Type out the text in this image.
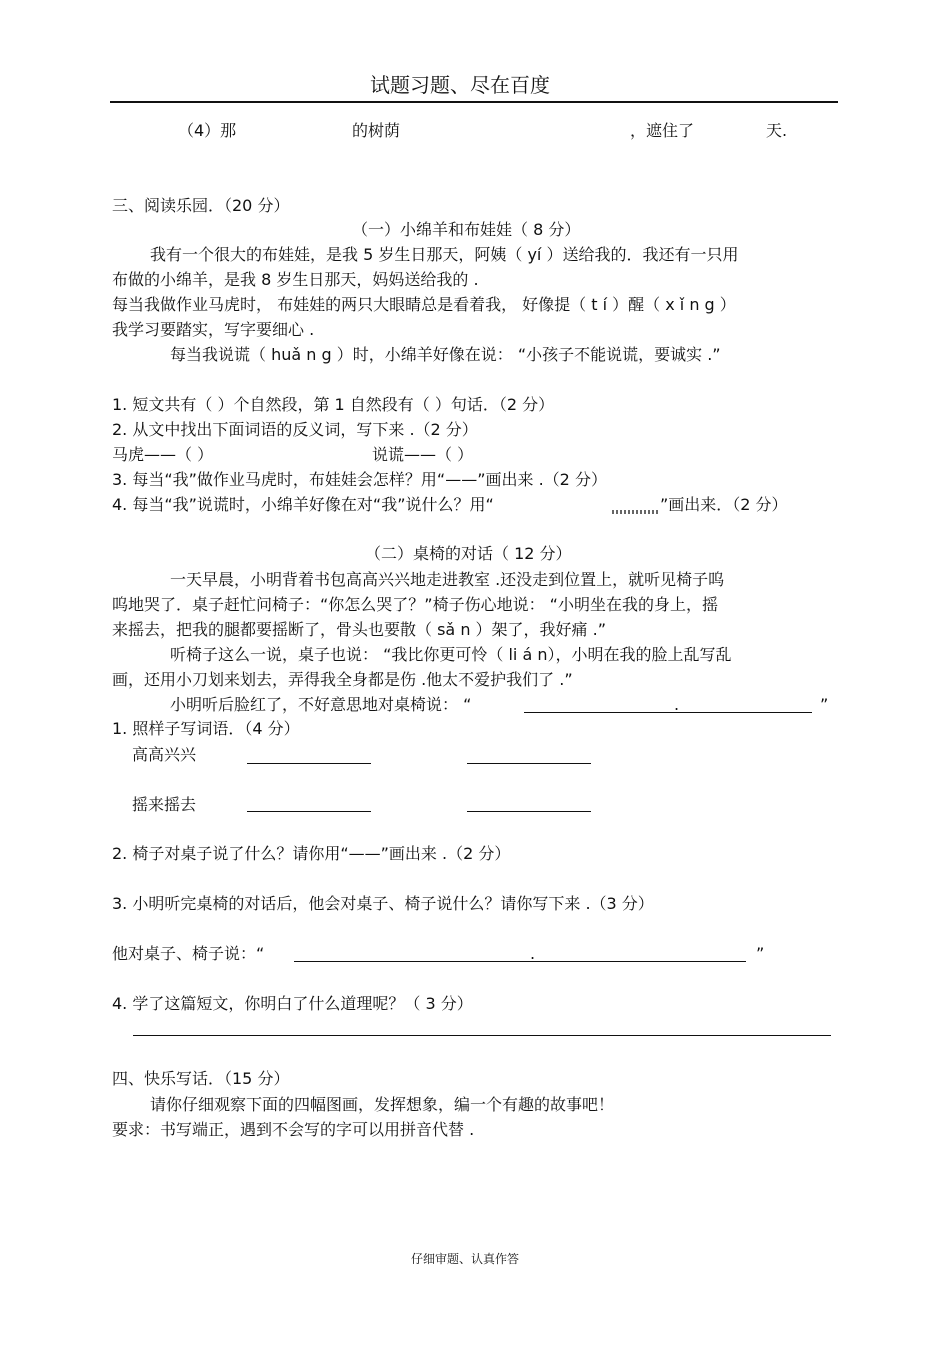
试题习题、尽在百度
（4）那	的树荫	，遮住了	天.
三、阅读乐园．（20 分）
（一）小绵羊和布娃娃（ 8 分）
我有一个很大的布娃娃，是我 5 岁生日那天，阿姨（ yí ）送给我的．我还有一只用
布做的小绵羊，是我 8 岁生日那天，妈妈送给我的 .
每当我做作业马虎时， 布娃娃的两只大眼睛总是看着我， 好像提（ t í ）醒（ x ǐ n g ）
我学习要踏实，写字要细心 .
每当我说谎（ huǎ n g ）时，小绵羊好像在说： “小孩子不能说谎，要诚实 .”
1. 短文共有（ ）个自然段，第 1 自然段有（ ）句话．（2 分）
2. 从文中找出下面词语的反义词，写下来 .（2 分）
马虎——（ ）	说谎——（ ）
3. 每当“我”做作业马虎时，布娃娃会怎样？用“——”画出来 .（2 分）
4. 每当“我”说谎时，小绵羊好像在对“我”说什么？用“	”画出来．（2 分）
（二）桌椅的对话（ 12 分）
一天早晨，小明背着书包高高兴兴地走进教室 .还没走到位置上，就听见椅子呜
呜地哭了．桌子赶忙问椅子：“你怎么哭了？”椅子伤心地说： “小明坐在我的身上，摇
来摇去，把我的腿都要摇断了，骨头也要散（ sǎ n ）架了，我好痛 .”
听椅子这么一说，桌子也说： “我比你更可怜（ li á n），小明在我的脸上乱写乱
画，还用小刀划来划去，弄得我全身都是伤 .他太不爱护我们了 .”
小明听后脸红了，不好意思地对桌椅说： “	.	”
1. 照样子写词语．（4 分）
高高兴兴
摇来摇去
2. 椅子对桌子说了什么？请你用“——”画出来 .（2 分）
3. 小明听完桌椅的对话后，他会对桌子、椅子说什么？请你写下来 .（3 分）
他对桌子、椅子说：“	.	”
4. 学了这篇短文，你明白了什么道理呢？（ 3 分）
四、快乐写话．（15 分）
请你仔细观察下面的四幅图画，发挥想象，编一个有趣的故事吧！
要求：书写端正，遇到不会写的字可以用拼音代替 .
仔细审题、认真作答
